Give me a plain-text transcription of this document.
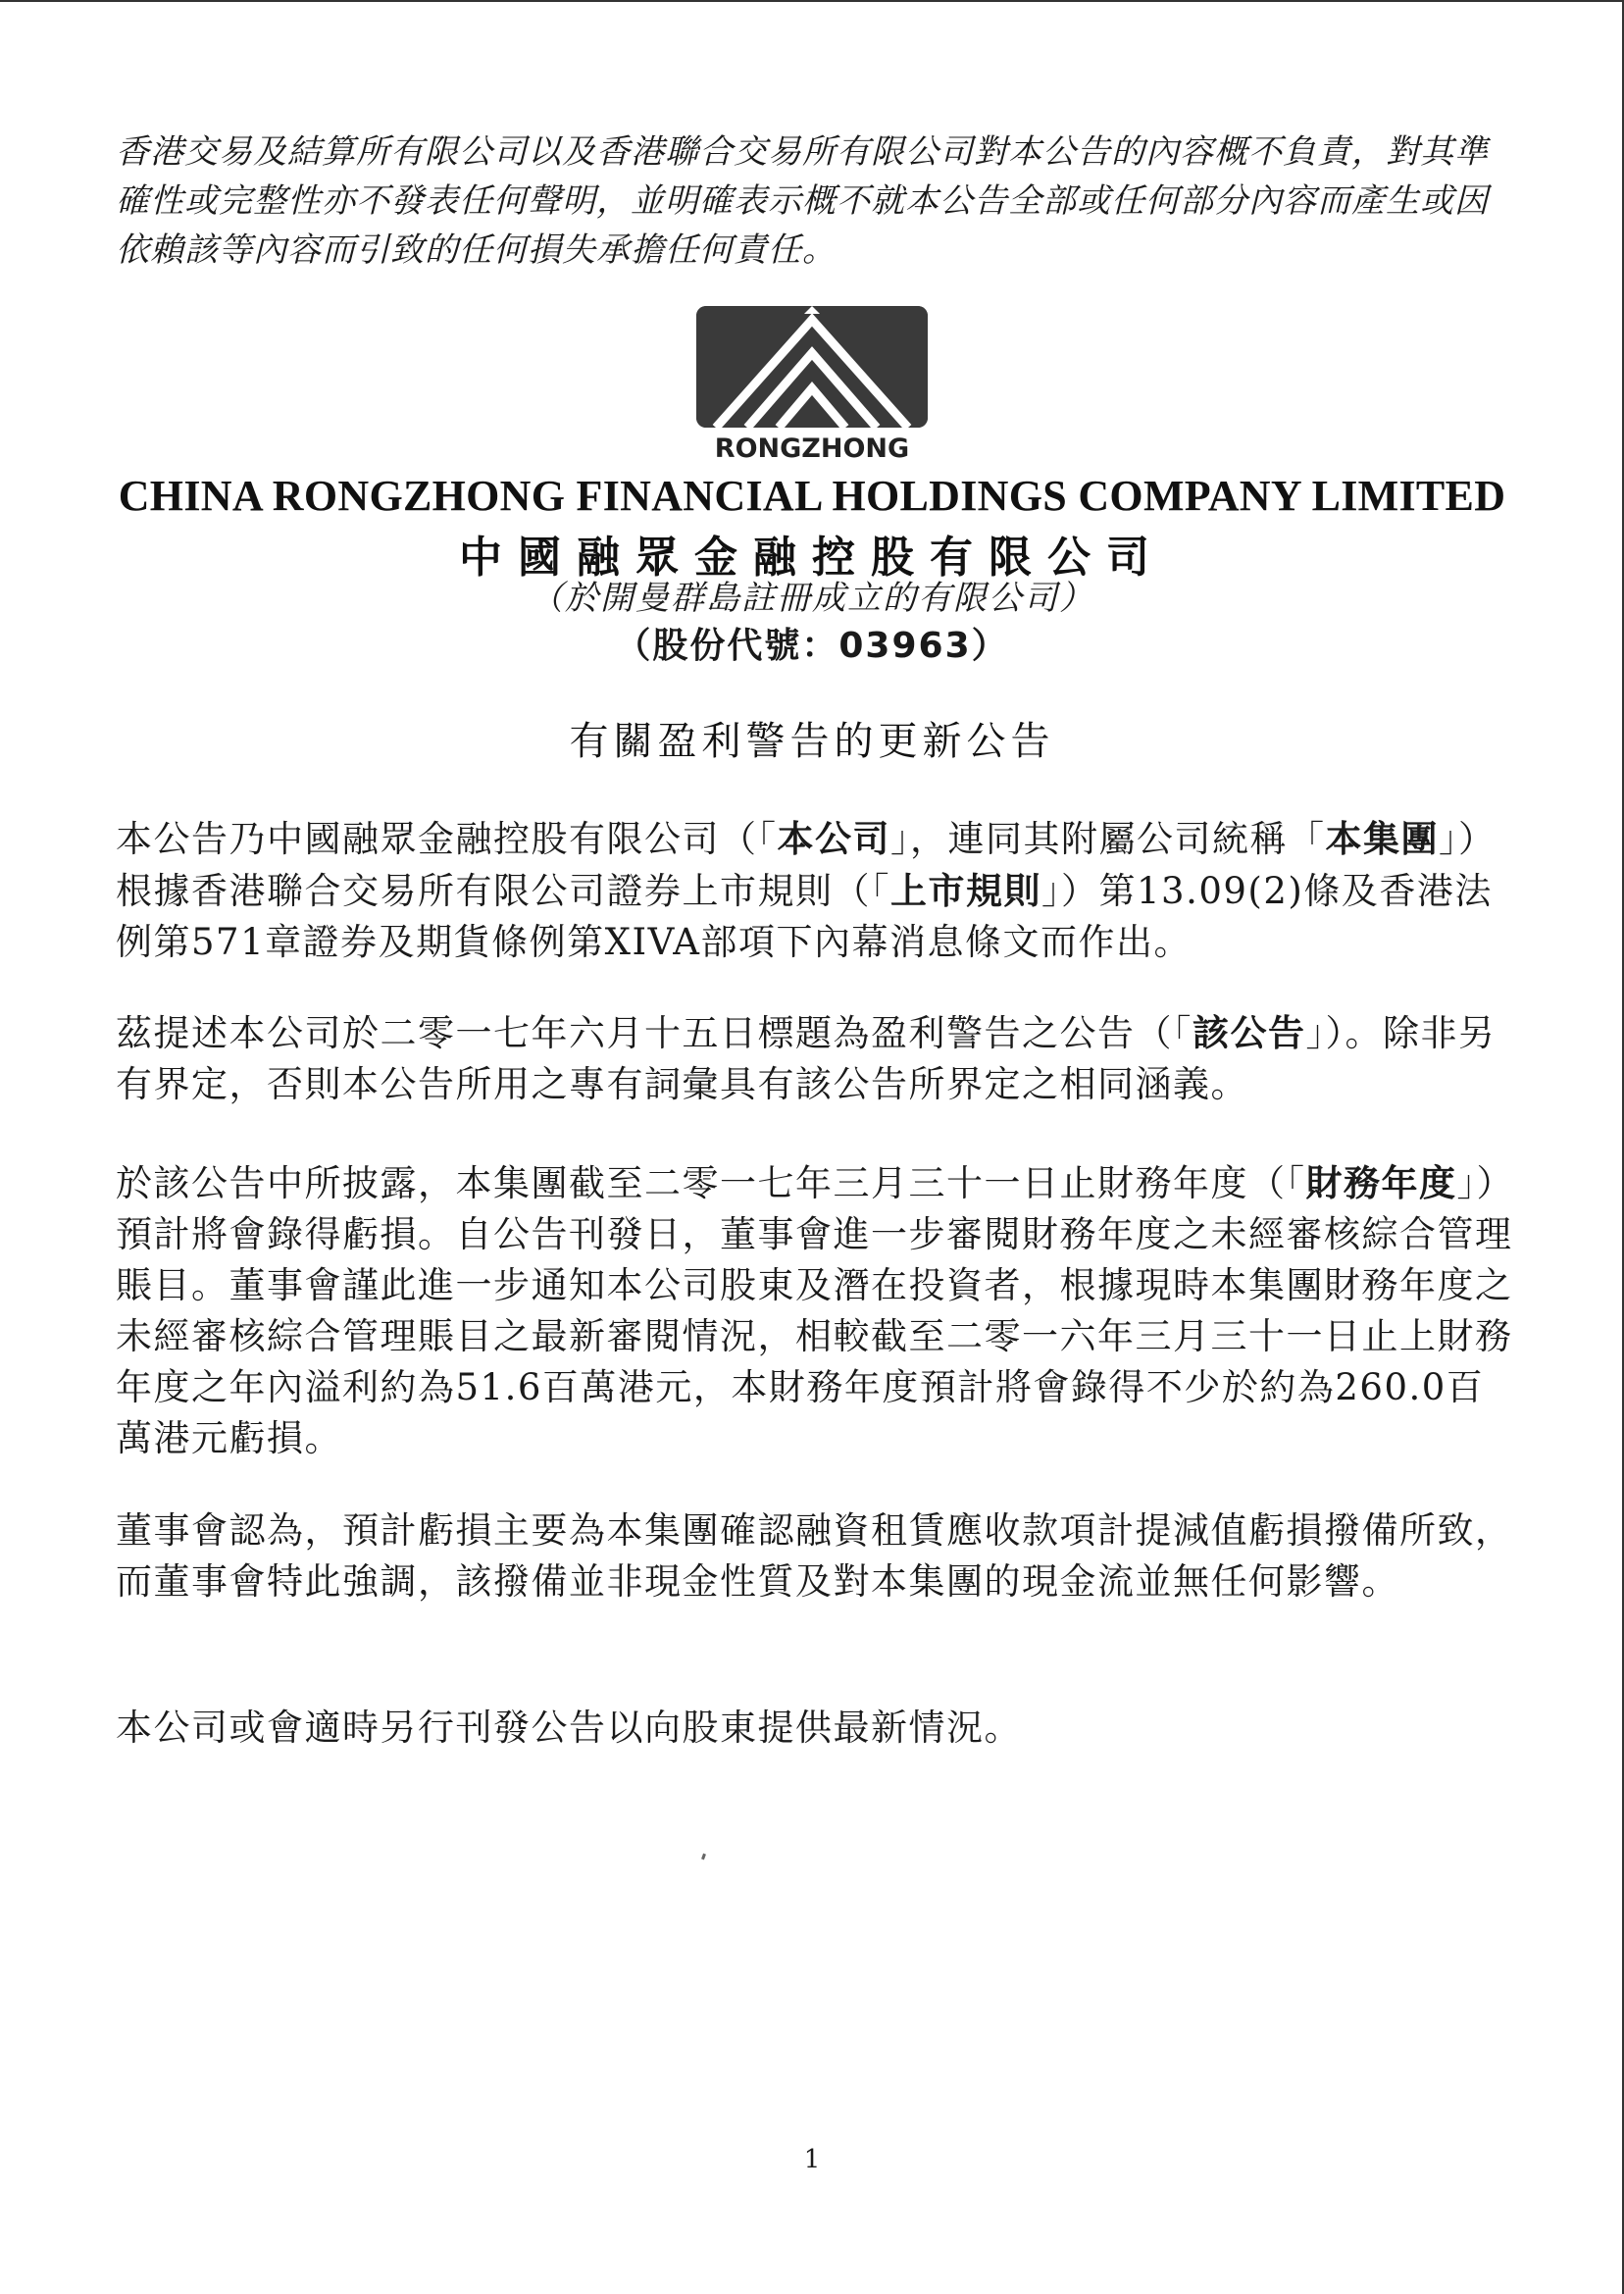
香港交易及結算所有限公司以及香港聯合交易所有限公司對本公告的內容概不負責，對其準確性或完整性亦不發表任何聲明，並明確表示概不就本公告全部或任何部分內容而產生或因依賴該等內容而引致的任何損失承擔任何責任。

RONGZHONG
CHINA RONGZHONG FINANCIAL HOLDINGS COMPANY LIMITED
中國融眾金融控股有限公司
（於開曼群島註冊成立的有限公司）
（股份代號：03963）
有關盈利警告的更新公告

本公告乃中國融眾金融控股有限公司（「本公司」，連同其附屬公司統稱「本集團」）根據香港聯合交易所有限公司證券上市規則（「上市規則」）第13.09(2)條及香港法例第571章證券及期貨條例第XIVA部項下內幕消息條文而作出。

茲提述本公司於二零一七年六月十五日標題為盈利警告之公告（「該公告」）。除非另有界定，否則本公告所用之專有詞彙具有該公告所界定之相同涵義。

於該公告中所披露，本集團截至二零一七年三月三十一日止財務年度（「財務年度」）預計將會錄得虧損。自公告刊發日，董事會進一步審閱財務年度之未經審核綜合管理賬目。董事會謹此進一步通知本公司股東及潛在投資者，根據現時本集團財務年度之未經審核綜合管理賬目之最新審閱情況，相較截至二零一六年三月三十一日止上財務年度之年內溢利約為51.6百萬港元，本財務年度預計將會錄得不少於約為260.0百萬港元虧損。

董事會認為，預計虧損主要為本集團確認融資租賃應收款項計提減值虧損撥備所致，而董事會特此強調，該撥備並非現金性質及對本集團的現金流並無任何影響。

本公司或會適時另行刊發公告以向股東提供最新情況。

1
